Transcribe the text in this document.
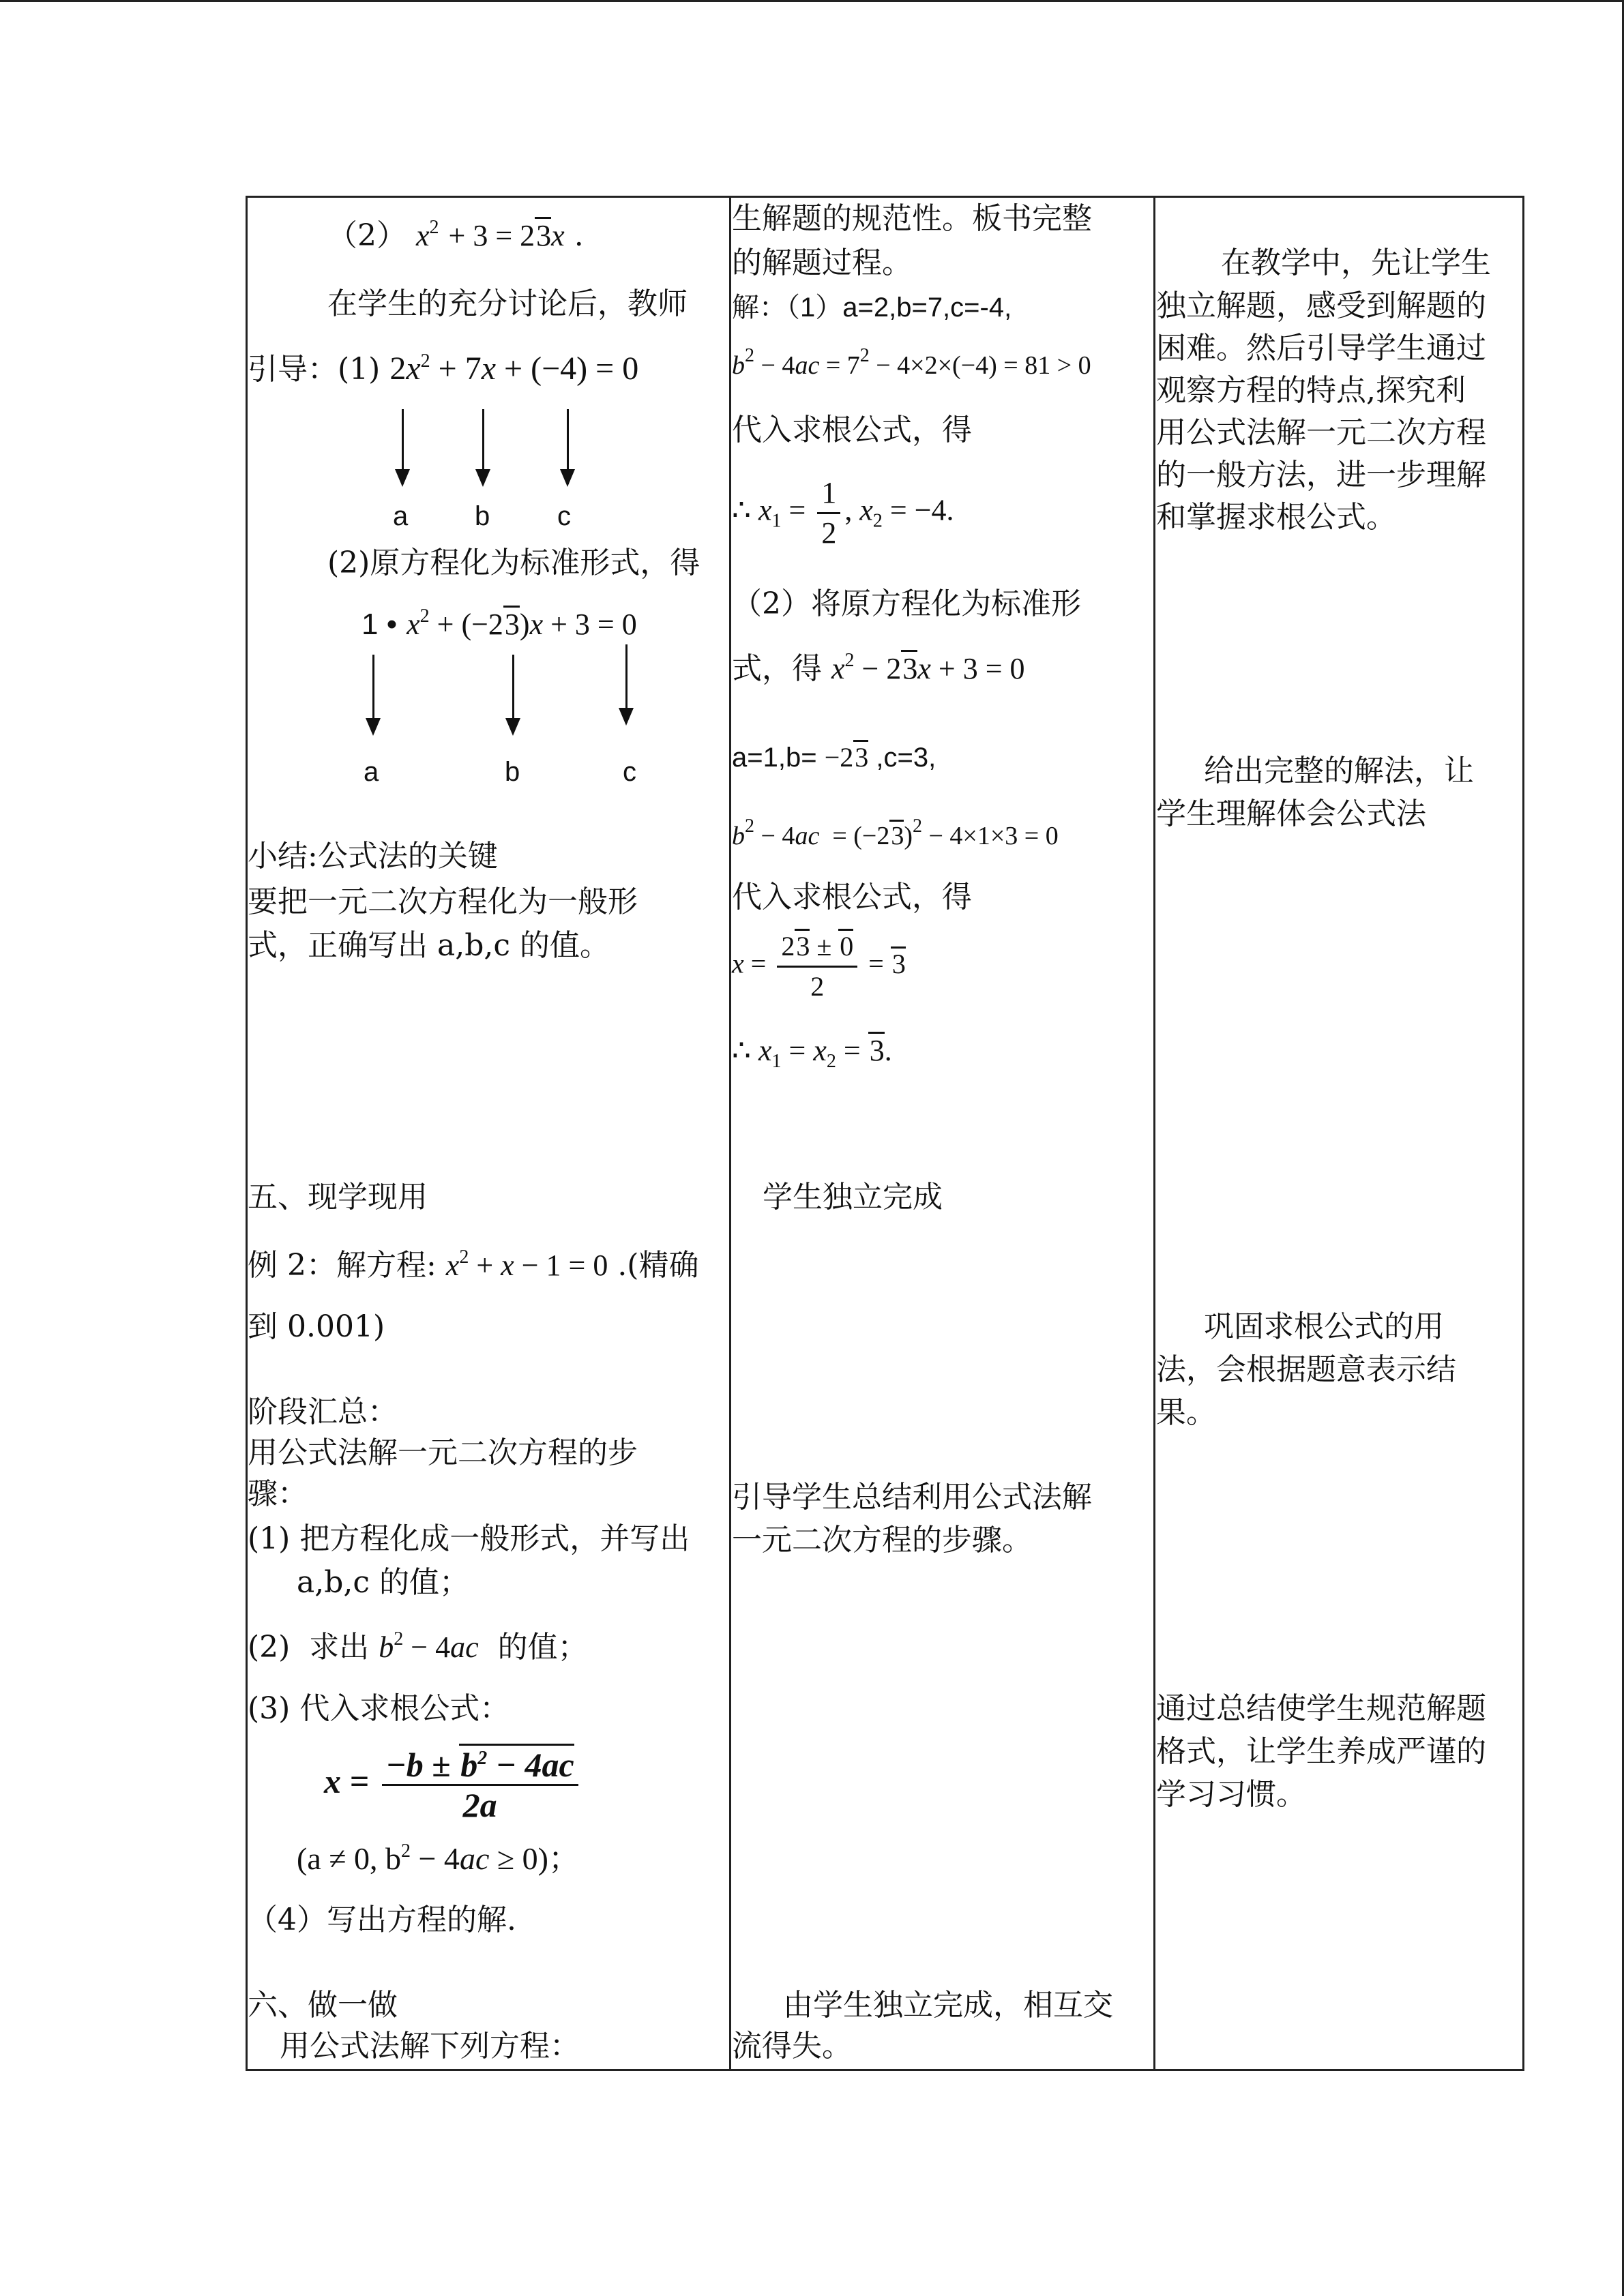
（2） $x^2 + 3 = 23x$ .
在学生的充分讨论后，教师
引导：(1) $2x^2 + 7x + (-4) = 0$
a b c
(2)原方程化为标准形式，得
1 • $x^2 + (-23)x + 3 = 0$
a	b	c
小结:公式法的关键
要把一元二次方程化为一般形
式，正确写出 a,b,c 的值。
五、现学现用
例 2：解方程: $x^2 + x - 1 = 0$ .(精确
到 0.001)
阶段汇总：
用公式法解一元二次方程的步
骤：
(1) 把方程化成一般形式，并写出
a,b,c 的值；
(2)  求出 $b^2 - 4ac$  的值；
(3) 代入求根公式：
$x = \frac{-b \pm b^2 - 4ac}{2a}$
(a ≠ 0, $b^2 - 4ac \ge 0$)；
（4）写出方程的解.
六、做一做
用公式法解下列方程：
生解题的规范性。板书完整
的解题过程。
解：（1）a=2,b=7,c=-4,
$b^2 - 4ac = 7^2 - 4\times 2\times(-4) = 81 > 0$
代入求根公式，得
∴ $x_1 = \frac{1}{2}$ , $x_2 = -4$.
（2）将原方程化为标准形
式，得 $x^2 - 23x + 3 = 0$
a=1,b= −23 ,c=3,
$b^2 - 4ac = (-23)^2 - 4\times 1\times 3 = 0$
代入求根公式，得
$x = \frac{23 \pm 0}{2} = 3$
∴ $x_1 = x_2 = 3$.
学生独立完成
引导学生总结利用公式法解
一元二次方程的步骤。
由学生独立完成，相互交
流得失。
在教学中，先让学生
独立解题，感受到解题的
困难。然后引导学生通过
观察方程的特点,探究利
用公式法解一元二次方程
的一般方法，进一步理解
和掌握求根公式。
给出完整的解法，让
学生理解体会公式法
巩固求根公式的用
法，会根据题意表示结
果。
通过总结使学生规范解题
格式，让学生养成严谨的
学习习惯。
